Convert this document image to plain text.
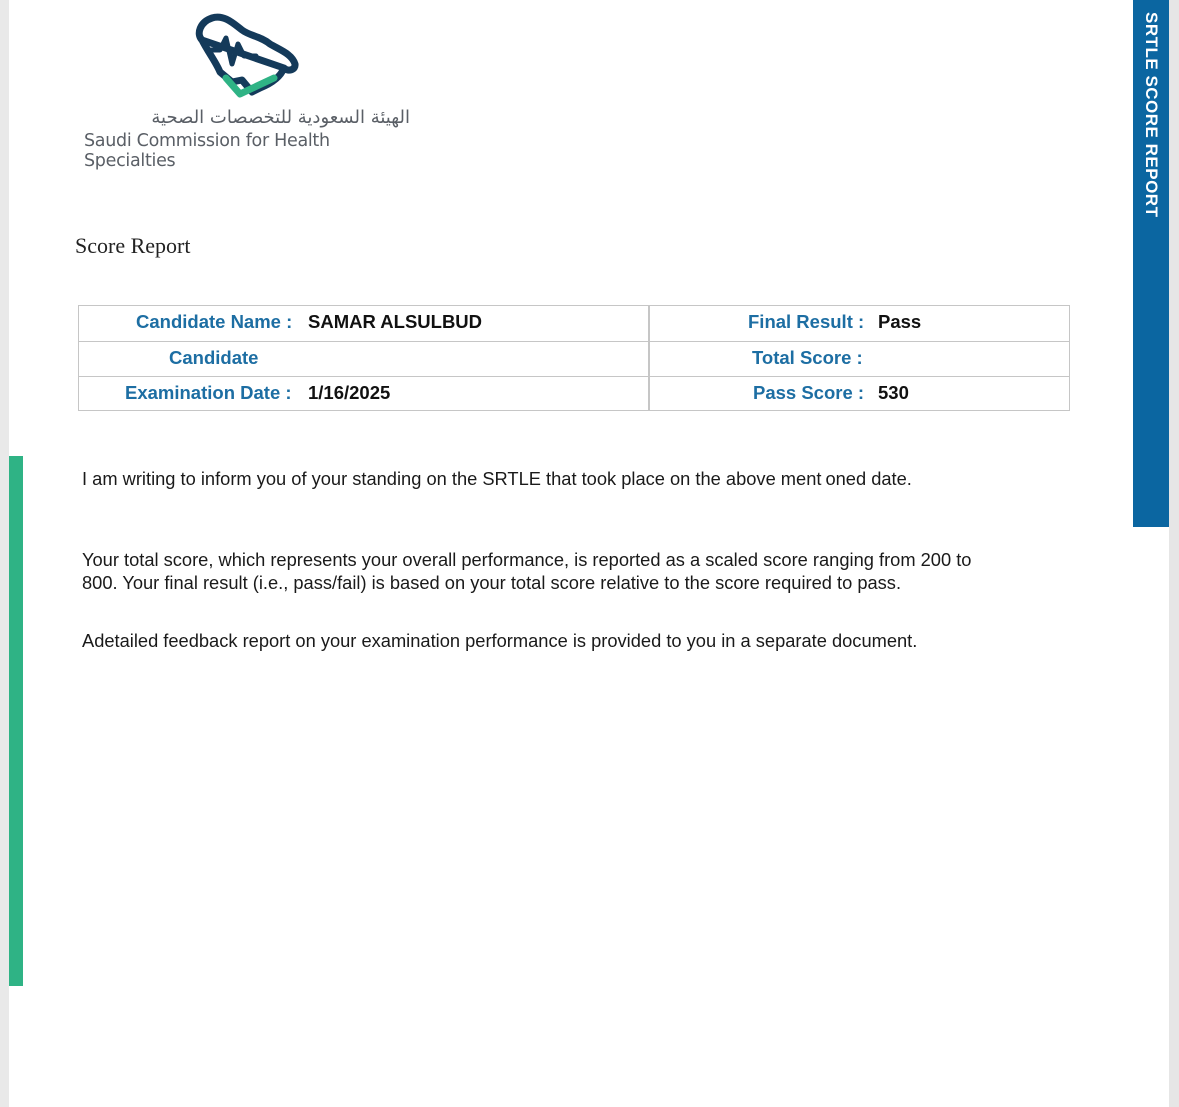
SRTLE SCORE REPORT
الهيئة السعودية للتخصصات الصحية
Saudi Commission for Health Specialties
Score Report
Candidate Name : SAMAR ALSULBUD	Final Result : Pass
Candidate	Total Score :
Examination Date : 1/16/2025	Pass Score : 530
I am writing to inform you of your standing on the SRTLE that took place on the above ment oned date.
Your total score, which represents your overall performance, is reported as a scaled score ranging from 200 to
800. Your final result (i.e., pass/fail) is based on your total score relative to the score required to pass.
Adetailed feedback report on your examination performance is provided to you in a separate document.
